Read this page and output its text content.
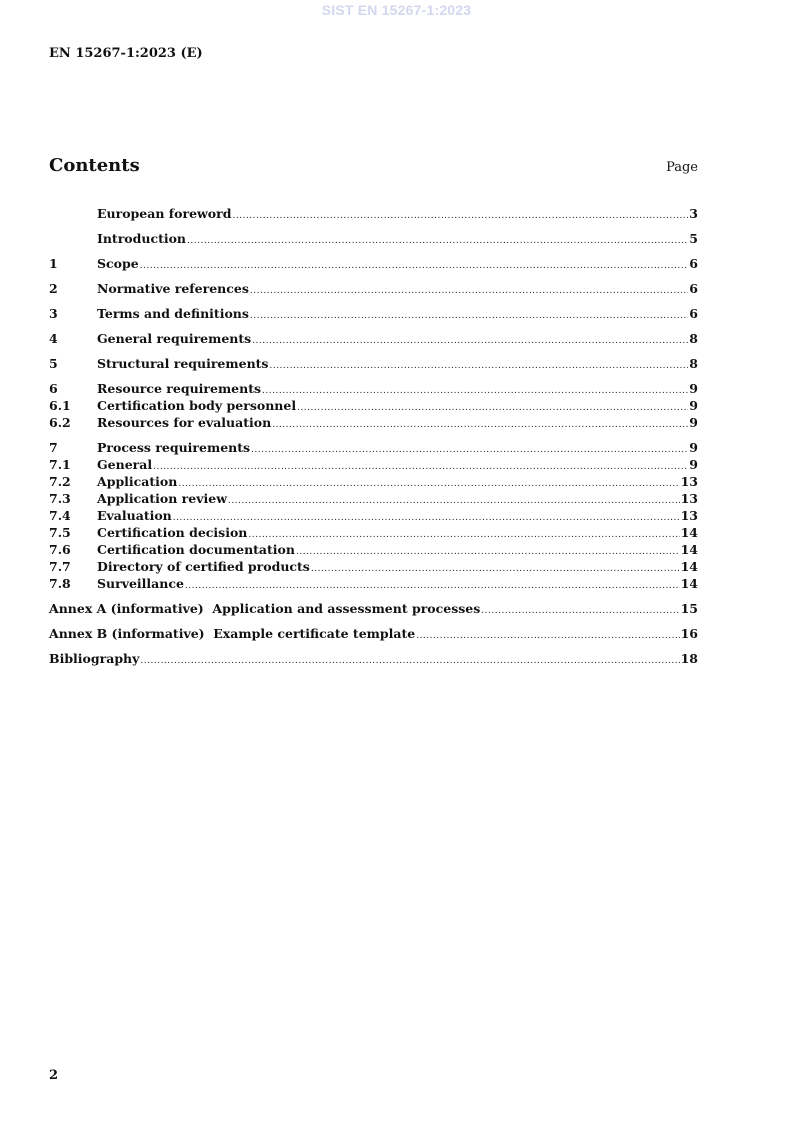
SIST EN 15267-1:2023
EN 15267-1:2023 (E)
Contents	Page
European foreword .....	3
Introduction .....	5
1	Scope .....	6
2	Normative references .....	6
3	Terms and definitions .....	6
4	General requirements .....	8
5	Structural requirements .....	8
6	Resource requirements .....	9
6.1	Certification body personnel .....	9
6.2	Resources for evaluation .....	9
7	Process requirements .....	9
7.1	General .....	9
7.2	Application .....	13
7.3	Application review .....	13
7.4	Evaluation .....	13
7.5	Certification decision .....	14
7.6	Certification documentation .....	14
7.7	Directory of certified products .....	14
7.8	Surveillance .....	14
Annex A (informative)  Application and assessment processes .....	15
Annex B (informative)  Example certificate template .....	16
Bibliography .....	18
2
